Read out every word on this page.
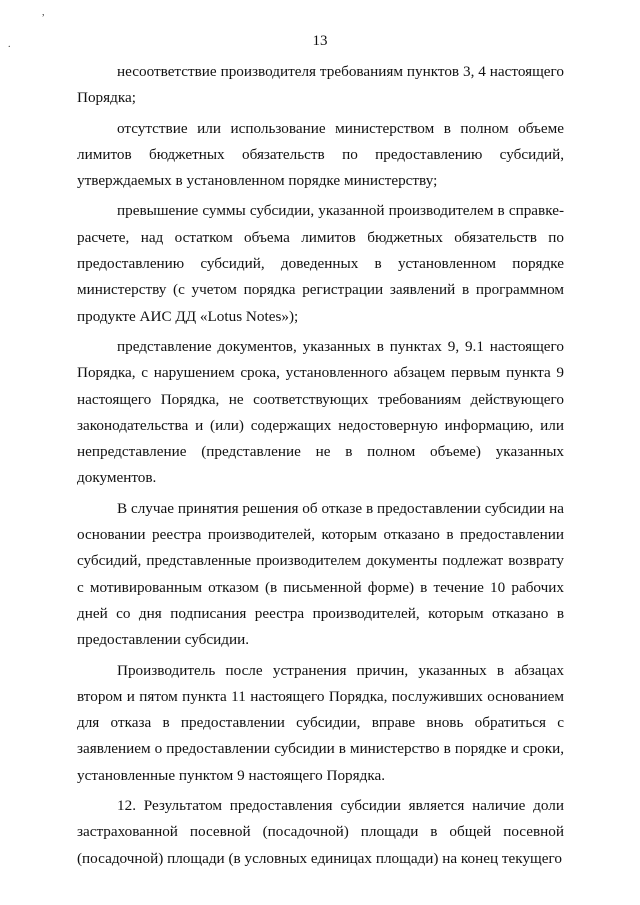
,
.	13

несоответствие производителя требованиям пунктов 3, 4 настоящего Порядка;

отсутствие или использование министерством в полном объеме лимитов бюджетных обязательств по предоставлению субсидий, утверждаемых в установленном порядке министерству;

превышение суммы субсидии, указанной производителем в справке-расчете, над остатком объема лимитов бюджетных обязательств по предоставлению субсидий, доведенных в установленном порядке министерству (с учетом порядка регистрации заявлений в программном продукте АИС ДД «Lotus Notes»);

представление документов, указанных в пунктах 9, 9.1 настоящего Порядка, с нарушением срока, установленного абзацем первым пункта 9 настоящего Порядка, не соответствующих требованиям действующего законодательства и (или) содержащих недостоверную информацию, или непредставление (представление не в полном объеме) указанных документов.

В случае принятия решения об отказе в предоставлении субсидии на основании реестра производителей, которым отказано в предоставлении субсидий, представленные производителем документы подлежат возврату с мотивированным отказом (в письменной форме) в течение 10 рабочих дней со дня подписания реестра производителей, которым отказано в предоставлении субсидии.

Производитель после устранения причин, указанных в абзацах втором и пятом пункта 11 настоящего Порядка, послуживших основанием для отказа в предоставлении субсидии, вправе вновь обратиться с заявлением о предоставлении субсидии в министерство в порядке и сроки, установленные пунктом 9 настоящего Порядка.

12. Результатом предоставления субсидии является наличие доли застрахованной посевной (посадочной) площади в общей посевной (посадочной) площади (в условных единицах площади) на конец текущего
